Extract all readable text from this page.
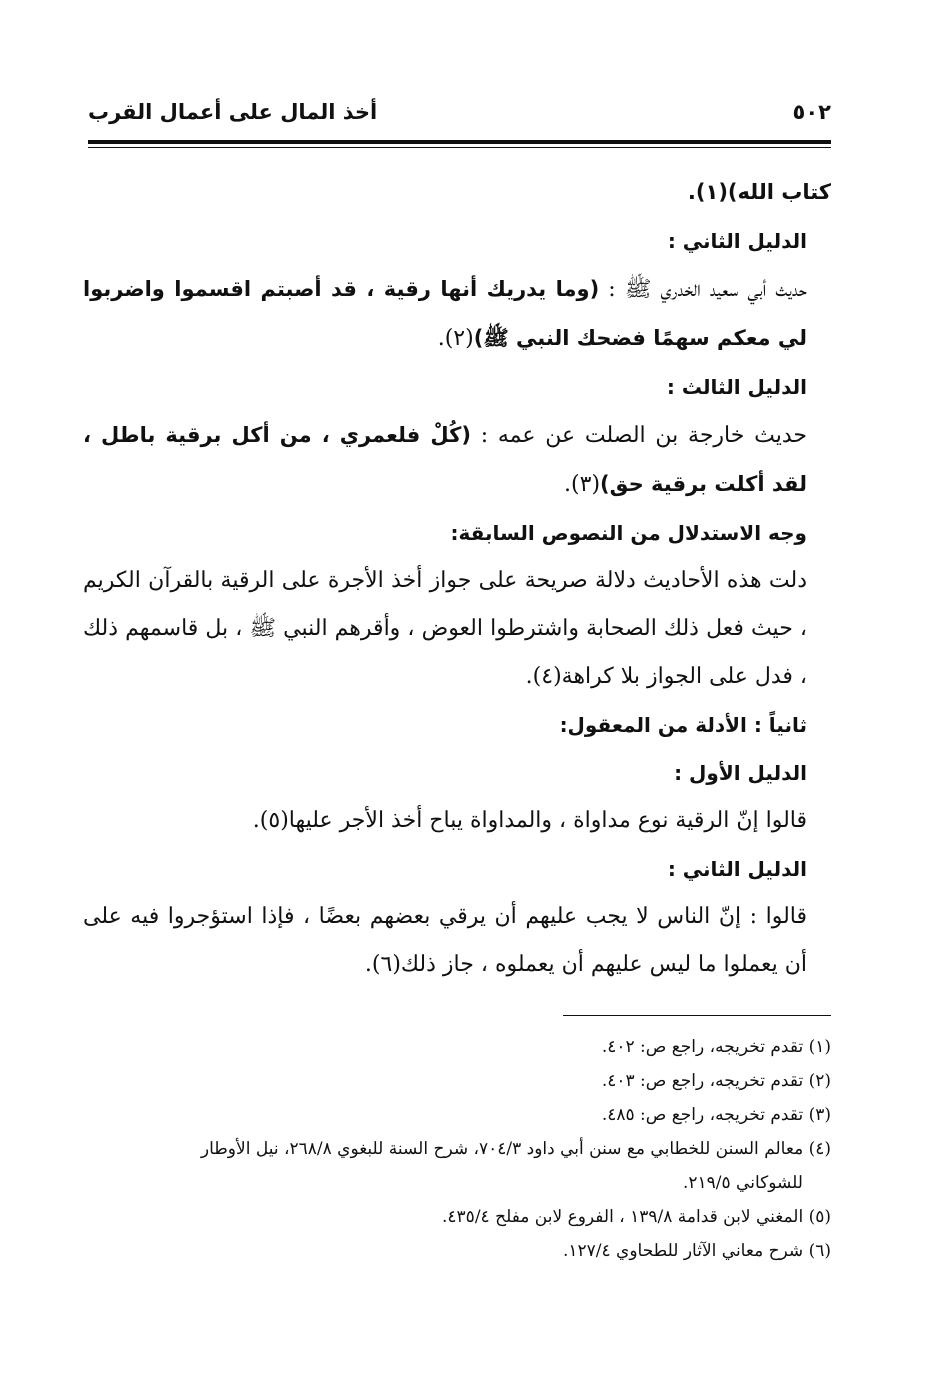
٥٠٢
أخذ المال على أعمال القرب

كتاب الله)(١).

الدليل الثاني :

حديث أبي سعيد الخدري ﷺ : (وما يدريك أنها رقية ، قد أصبتم اقسموا واضربوا لي معكم سهمًا فضحك النبي ﷺ)(٢).

الدليل الثالث :

حديث خارجة بن الصلت عن عمه : (كُلْ فلعمري ، من أكل برقية باطل ، لقد أكلت برقية حق)(٣).

وجه الاستدلال من النصوص السابقة:

دلت هذه الأحاديث دلالة صريحة على جواز أخذ الأجرة على الرقية بالقرآن الكريم ، حيث فعل ذلك الصحابة واشترطوا العوض ، وأقرهم النبي ﷺ ، بل قاسمهم ذلك ، فدل على الجواز بلا كراهة(٤).

ثانياً : الأدلة من المعقول:

الدليل الأول :

قالوا إنّ الرقية نوع مداواة ، والمداواة يباح أخذ الأجر عليها(٥).

الدليل الثاني :

قالوا : إنّ الناس لا يجب عليهم أن يرقي بعضهم بعضًا ، فإذا استؤجروا فيه على أن يعملوا ما ليس عليهم أن يعملوه ، جاز ذلك(٦).

(١) تقدم تخريجه، راجع ص: ٤٠٢.

(٢) تقدم تخريجه، راجع ص: ٤٠٣.

(٣) تقدم تخريجه، راجع ص: ٤٨٥.

(٤) معالم السنن للخطابي مع سنن أبي داود ٧٠٤/٣، شرح السنة للبغوي ٢٦٨/٨، نيل الأوطار

للشوكاني ٢١٩/٥.

(٥) المغني لابن قدامة ١٣٩/٨ ، الفروع لابن مفلح ٤٣٥/٤.

(٦) شرح معاني الآثار للطحاوي ١٢٧/٤.
